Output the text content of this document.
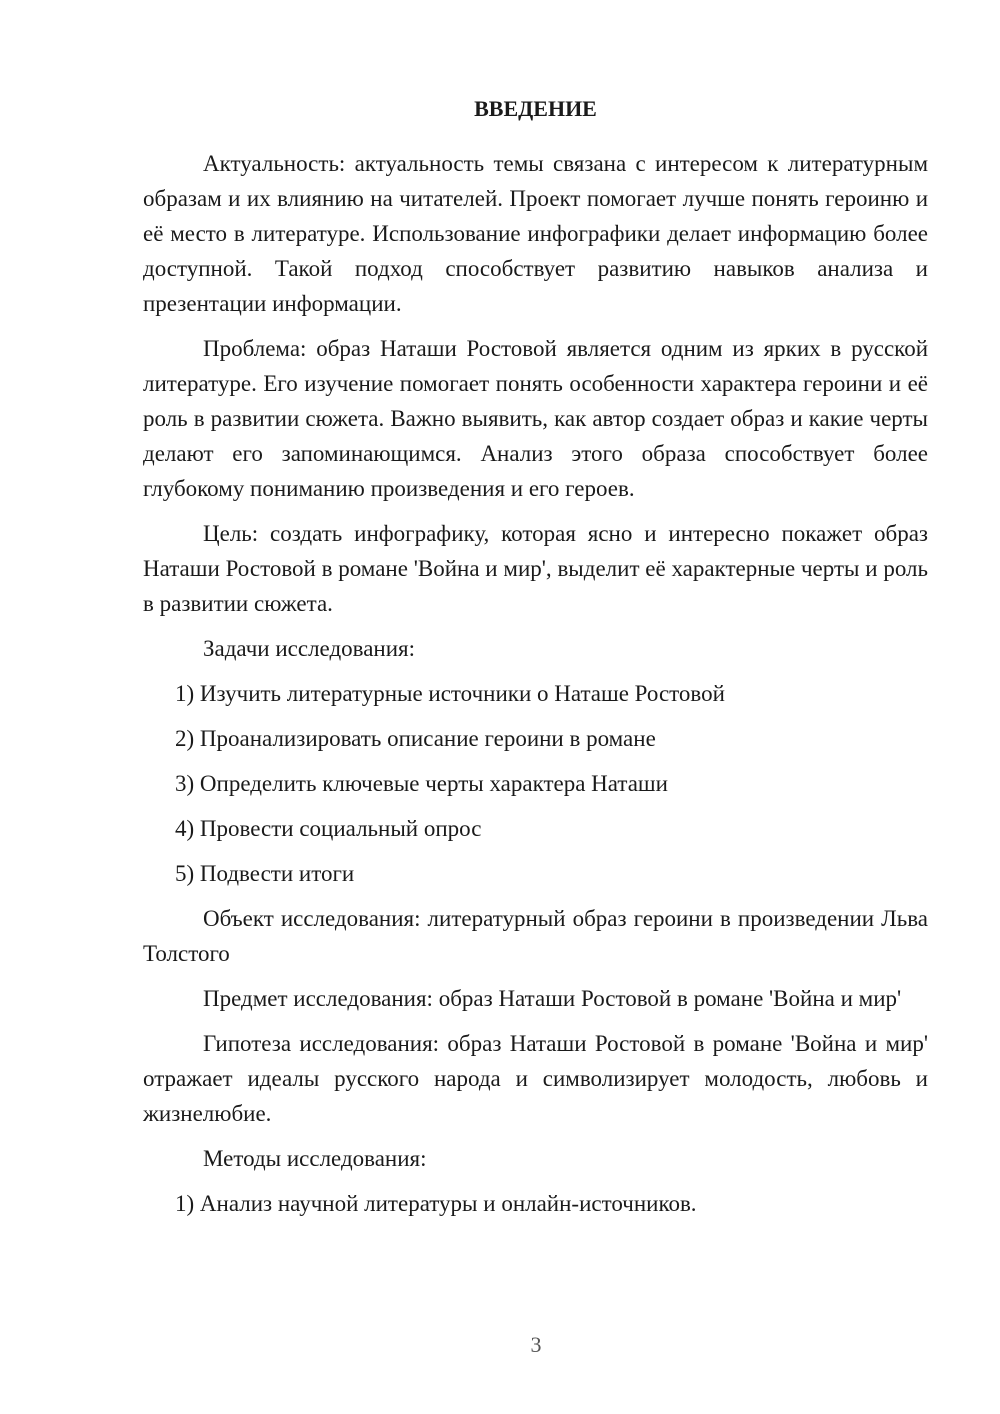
ВВЕДЕНИЕ

Актуальность: актуальность темы связана с интересом к литературным образам и их влиянию на читателей. Проект помогает лучше понять героиню и её место в литературе. Использование инфографики делает информацию более доступной. Такой подход способствует развитию навыков анализа и презентации информации.

Проблема: образ Наташи Ростовой является одним из ярких в русской литературе. Его изучение помогает понять особенности характера героини и её роль в развитии сюжета. Важно выявить, как автор создает образ и какие черты делают его запоминающимся. Анализ этого образа способствует более глубокому пониманию произведения и его героев.

Цель: создать инфографику, которая ясно и интересно покажет образ Наташи Ростовой в романе 'Война и мир', выделит её характерные черты и роль в развитии сюжета.

Задачи исследования:

1) Изучить литературные источники о Наташе Ростовой
2) Проанализировать описание героини в романе
3) Определить ключевые черты характера Наташи
4) Провести социальный опрос
5) Подвести итоги

Объект исследования: литературный образ героини в произведении Льва Толстого

Предмет исследования: образ Наташи Ростовой в романе 'Война и мир'

Гипотеза исследования: образ Наташи Ростовой в романе 'Война и мир' отражает идеалы русского народа и символизирует молодость, любовь и жизнелюбие.

Методы исследования:

1) Анализ научной литературы и онлайн-источников.
3
